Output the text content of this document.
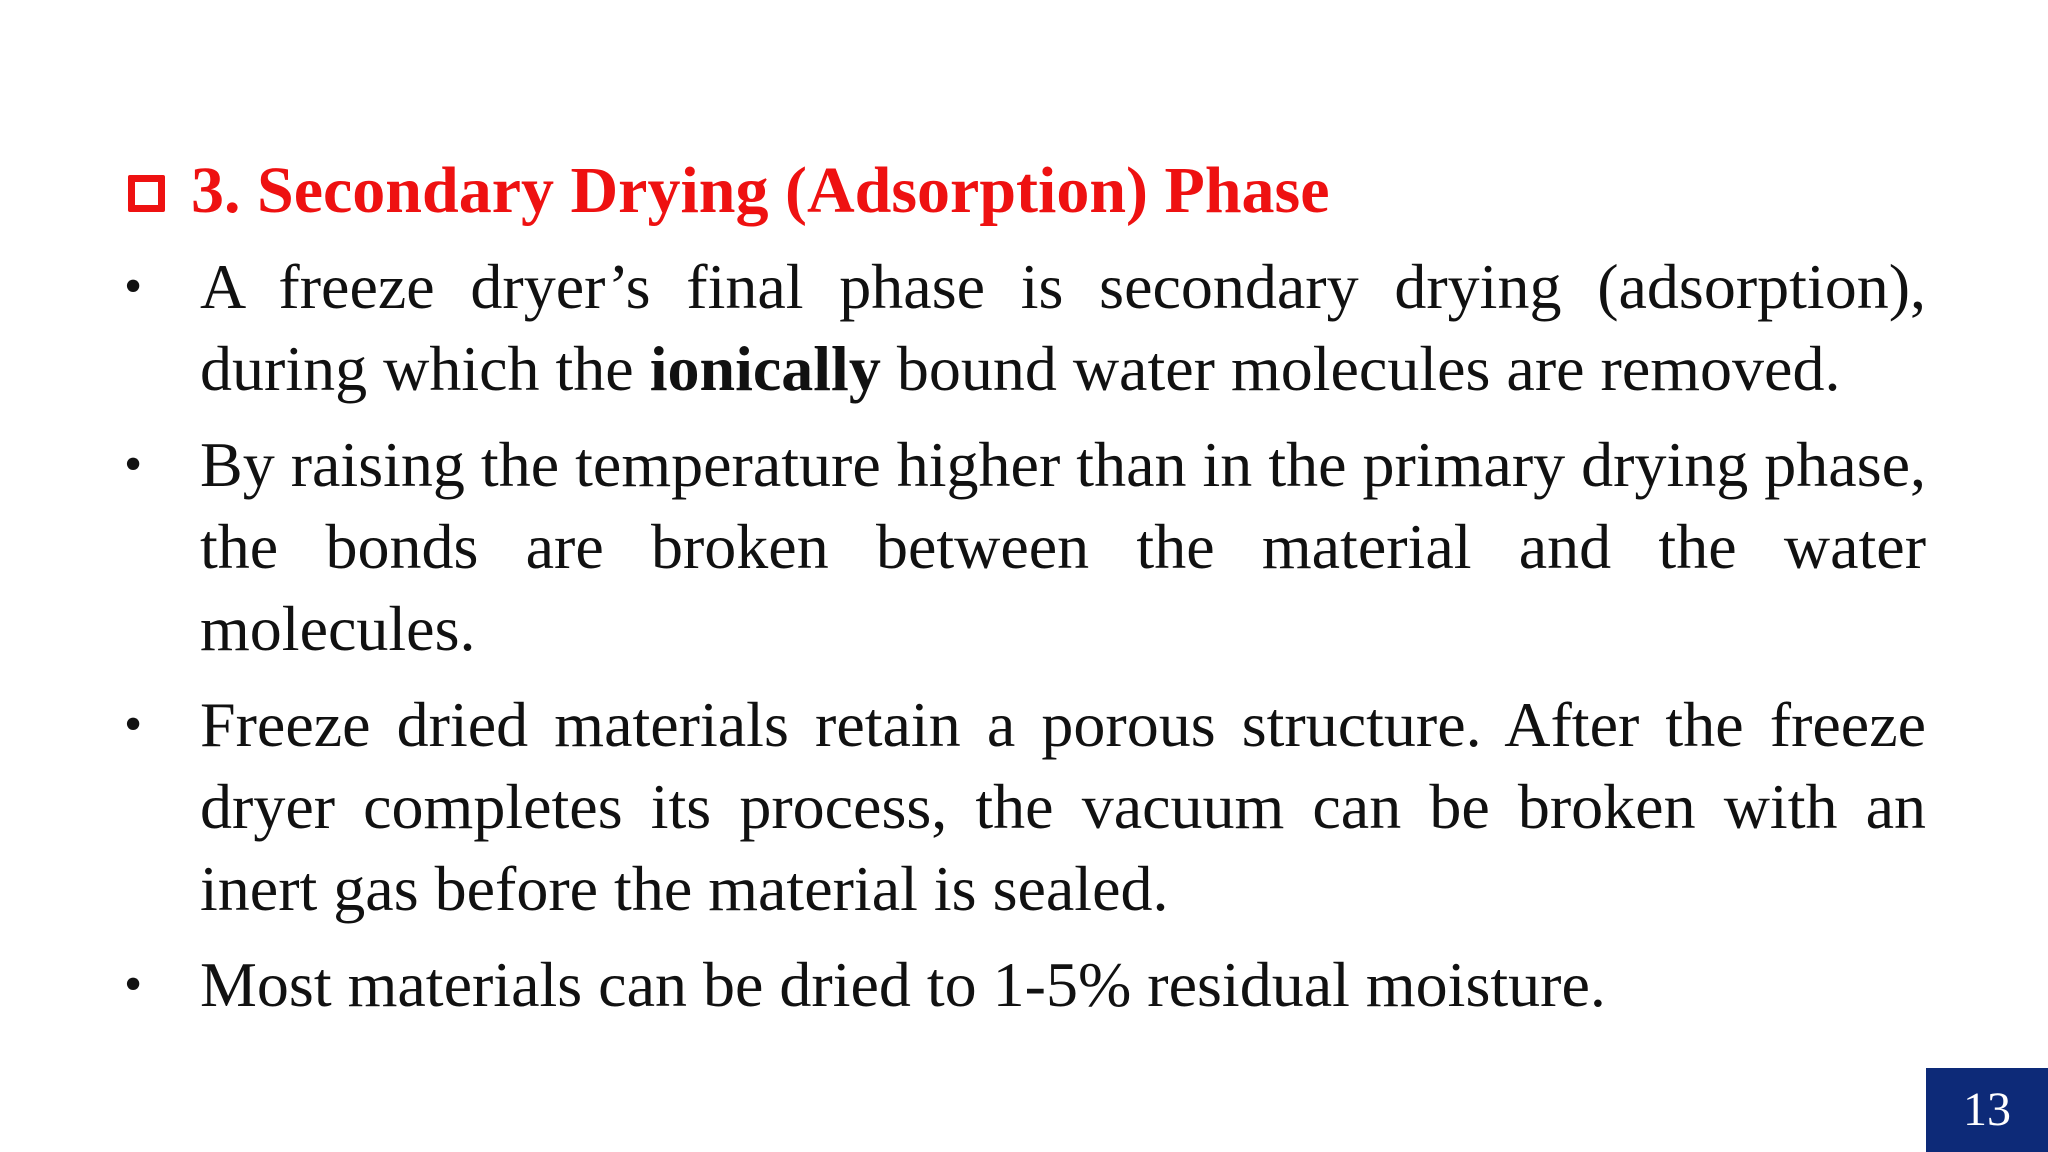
3. Secondary Drying (Adsorption) Phase
• A freeze dryer’s final phase is secondary drying (adsorption), during which the ionically bound water molecules are removed.
• By raising the temperature higher than in the primary drying phase, the bonds are broken between the material and the water molecules.
• Freeze dried materials retain a porous structure. After the freeze dryer completes its process, the vacuum can be broken with an inert gas before the material is sealed.
• Most materials can be dried to 1-5% residual moisture.
13
